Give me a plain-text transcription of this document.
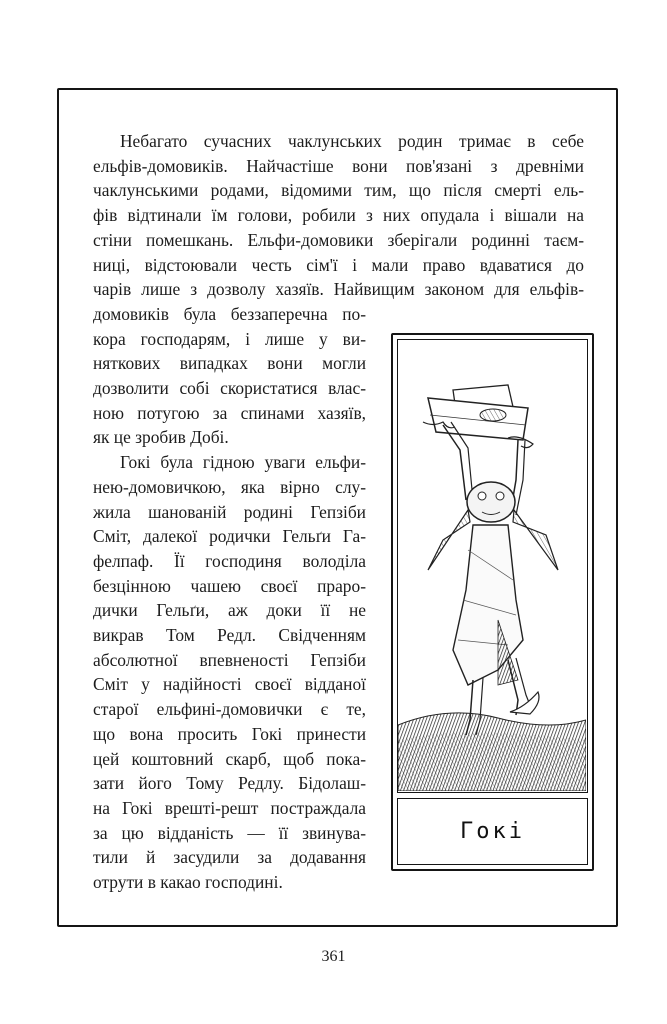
Небагато сучасних чаклунських родин тримає в себе
ельфів-домовиків. Найчастіше вони пов'язані з древніми
чаклунськими родами, відомими тим, що після смерті ель-
фів відтинали їм голови, робили з них опудала і вішали на
стіни помешкань. Ельфи-домовики зберігали родинні таєм-
ниці, відстоювали честь сім'ї і мали право вдаватися до
чарів лише з дозволу хазяїв. Найвищим законом для ельфів-
домовиків була беззаперечна по-
кора господарям, і лише у ви-
няткових випадках вони могли
дозволити собі скористатися влас-
ною потугою за спинами хазяїв,
як це зробив Добі.
Гокі була гідною уваги ельфи-
нею-домовичкою, яка вірно слу-
жила шанованій родині Гепзіби
Сміт, далекої родички Гельґи Га-
фелпаф. Її господиня володіла
безцінною чашею своєї праро-
дички Гельґи, аж доки її не
викрав Том Редл. Свідченням
абсолютної впевненості Гепзіби
Сміт у надійності своєї відданої
старої ельфині-домовички є те,
що вона просить Гокі принести
цей коштовний скарб, щоб пока-
зати його Тому Редлу. Бідолаш-
на Гокі врешті-решт постраждала
за цю відданість — її звинува-
тили й засудили за додавання
отрути в какао господині.
Гокі
361
